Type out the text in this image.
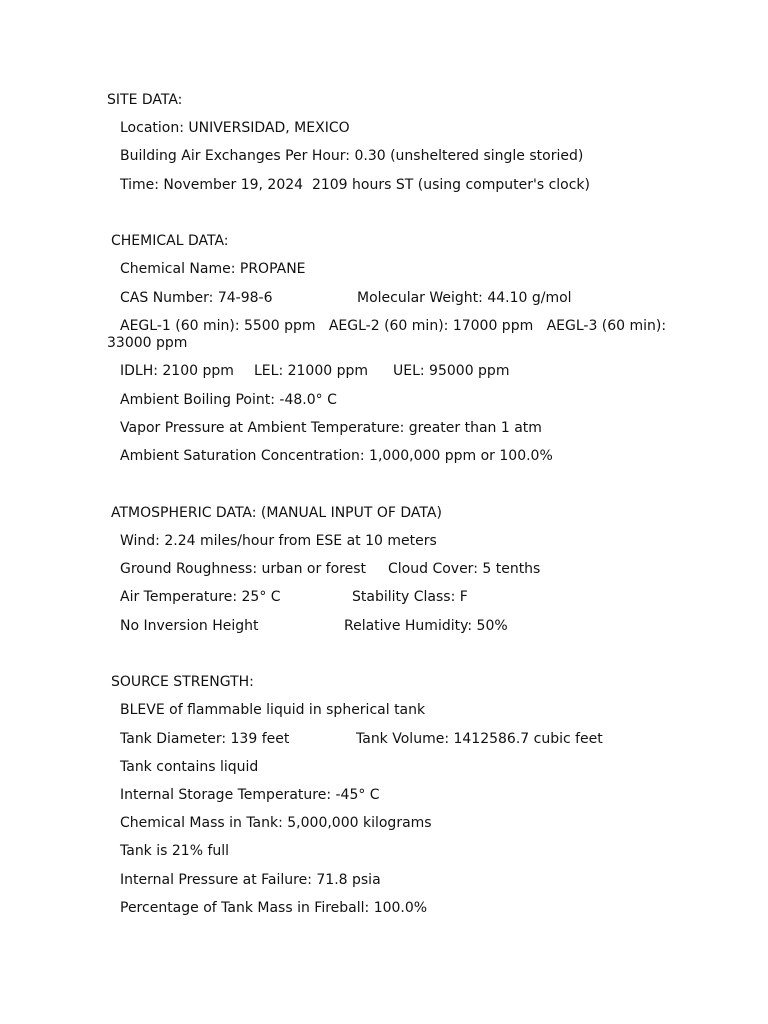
SITE DATA:
Location: UNIVERSIDAD, MEXICO
Building Air Exchanges Per Hour: 0.30 (unsheltered single storied)
Time: November 19, 2024  2109 hours ST (using computer's clock)
CHEMICAL DATA:
Chemical Name: PROPANE
CAS Number: 74-98-6	Molecular Weight: 44.10 g/mol
AEGL-1 (60 min): 5500 ppm   AEGL-2 (60 min): 17000 ppm   AEGL-3 (60 min):
33000 ppm
IDLH: 2100 ppm LEL: 21000 ppm UEL: 95000 ppm
Ambient Boiling Point: -48.0° C
Vapor Pressure at Ambient Temperature: greater than 1 atm
Ambient Saturation Concentration: 1,000,000 ppm or 100.0%
ATMOSPHERIC DATA: (MANUAL INPUT OF DATA)
Wind: 2.24 miles/hour from ESE at 10 meters
Ground Roughness: urban or forest Cloud Cover: 5 tenths
Air Temperature: 25° C	Stability Class: F
No Inversion Height	Relative Humidity: 50%
SOURCE STRENGTH:
BLEVE of flammable liquid in spherical tank
Tank Diameter: 139 feet	Tank Volume: 1412586.7 cubic feet
Tank contains liquid
Internal Storage Temperature: -45° C
Chemical Mass in Tank: 5,000,000 kilograms
Tank is 21% full
Internal Pressure at Failure: 71.8 psia
Percentage of Tank Mass in Fireball: 100.0%
